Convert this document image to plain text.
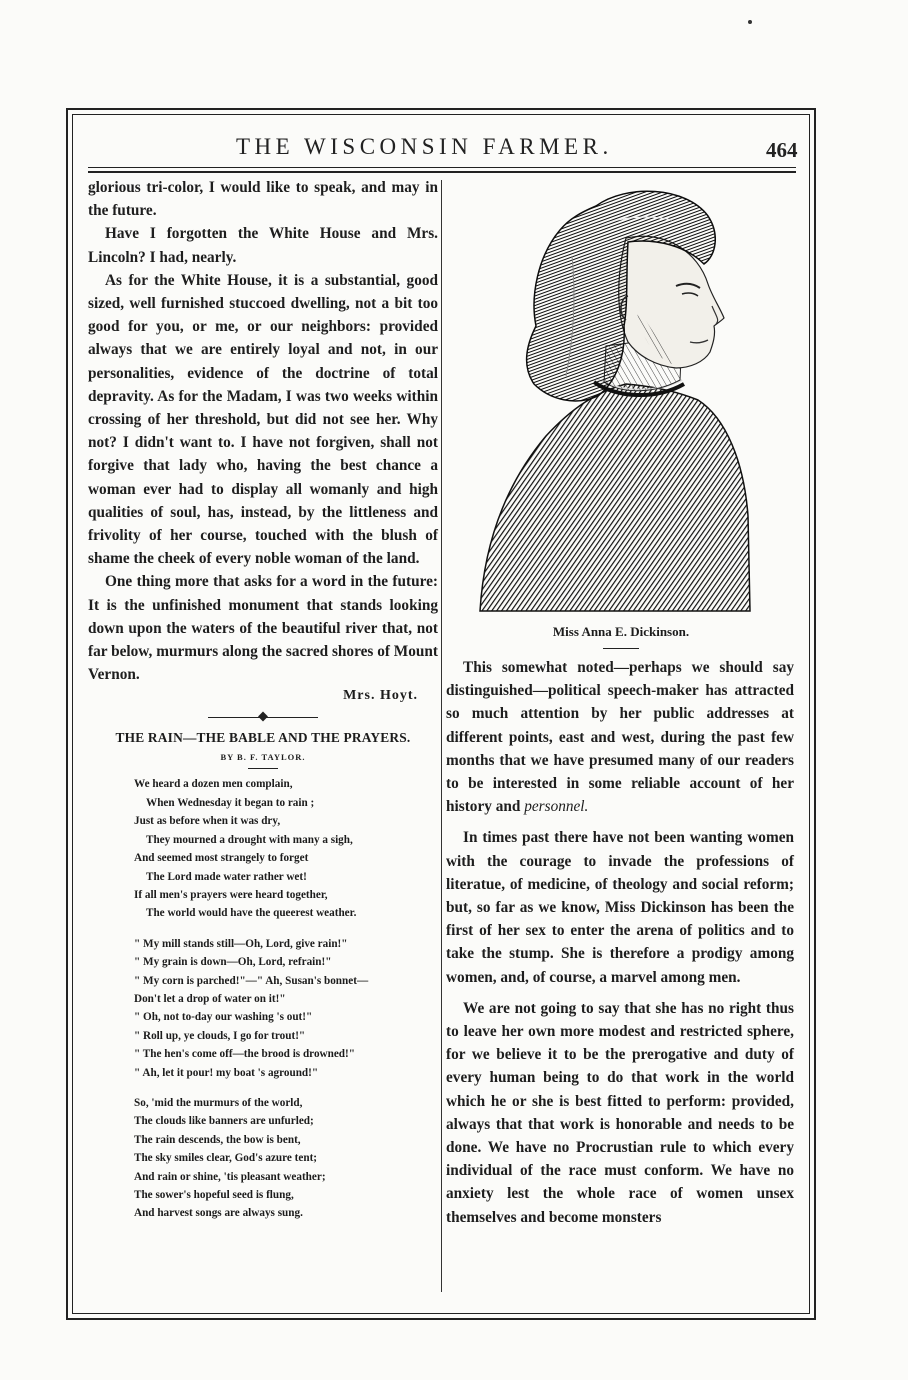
THE WISCONSIN FARMER.	464

glorious tri-color, I would like to speak, and may in the future.

Have I forgotten the White House and Mrs. Lincoln? I had, nearly.

As for the White House, it is a substantial, good sized, well furnished stuccoed dwelling, not a bit too good for you, or me, or our neighbors: provided always that we are entirely loyal and not, in our personalities, evidence of the doctrine of total depravity. As for the Madam, I was two weeks within crossing of her threshold, but did not see her. Why not? I didn't want to. I have not forgiven, shall not forgive that lady who, having the best chance a woman ever had to display all womanly and high qualities of soul, has, instead, by the littleness and frivolity of her course, touched with the blush of shame the cheek of every noble woman of the land.

One thing more that asks for a word in the future: It is the unfinished monument that stands looking down upon the waters of the beautiful river that, not far below, murmurs along the sacred shores of Mount Vernon.

Mrs. Hoyt.
THE RAIN—THE BABLE AND THE PRAYERS.
BY B. F. TAYLOR.
We heard a dozen men complain,
When Wednesday it began to rain ;
Just as before when it was dry,
They mourned a drought with many a sigh,
And seemed most strangely to forget
The Lord made water rather wet!
If all men's prayers were heard together,
The world would have the queerest weather.
" My mill stands still—Oh, Lord, give rain!"
" My grain is down—Oh, Lord, refrain!"
" My corn is parched!"—" Ah, Susan's bonnet—
Don't let a drop of water on it!"
" Oh, not to-day our washing 's out!"
" Roll up, ye clouds, I go for trout!"
" The hen's come off—the brood is drowned!"
" Ah, let it pour! my boat 's aground!"
So, 'mid the murmurs of the world,
The clouds like banners are unfurled;
The rain descends, the bow is bent,
The sky smiles clear, God's azure tent;
And rain or shine, 'tis pleasant weather;
The sower's hopeful seed is flung,
And harvest songs are always sung.
Miss Anna E. Dickinson.

This somewhat noted—perhaps we should say distinguished—political speech-maker has attracted so much attention by her public addresses at different points, east and west, during the past few months that we have presumed many of our readers to be interested in some reliable account of her history and personnel.

In times past there have not been wanting women with the courage to invade the professions of literatue, of medicine, of theology and social reform; but, so far as we know, Miss Dickinson has been the first of her sex to enter the arena of politics and to take the stump. She is therefore a prodigy among women, and, of course, a marvel among men.

We are not going to say that she has no right thus to leave her own more modest and restricted sphere, for we believe it to be the prerogative and duty of every human being to do that work in the world which he or she is best fitted to perform: provided, always that that work is honorable and needs to be done. We have no Procrustian rule to which every individual of the race must conform. We have no anxiety lest the whole race of women unsex themselves and become monsters
